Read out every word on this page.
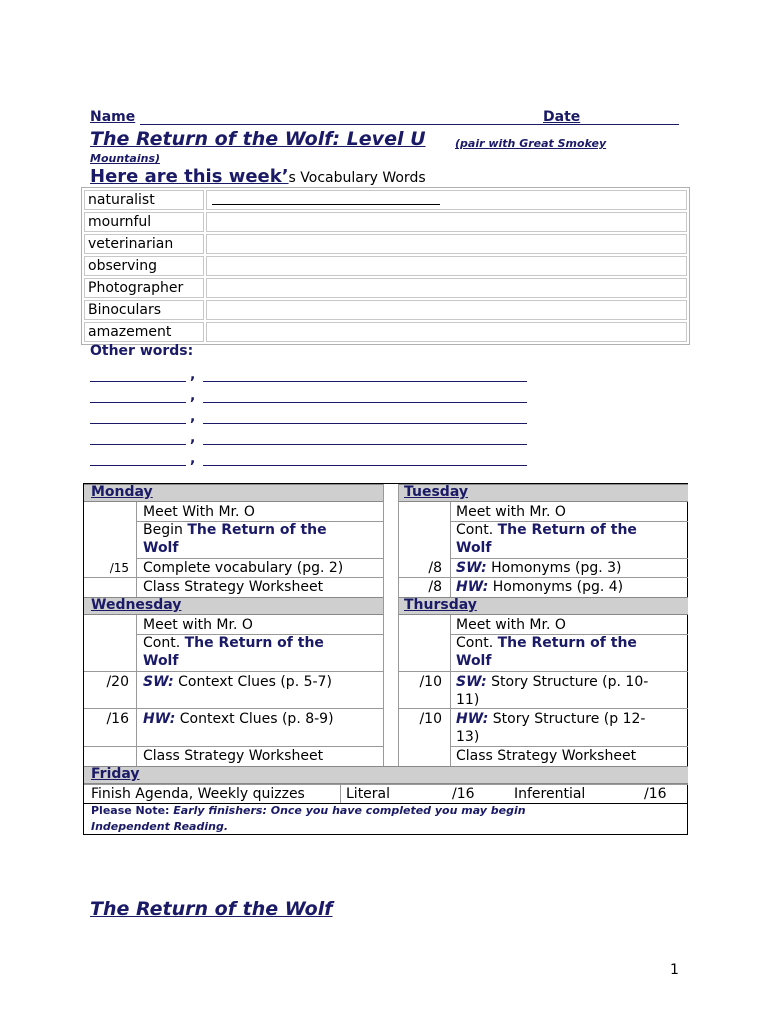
Name	Date
The Return of the Wolf: Level U	(pair with Great Smokey
Mountains)
Here are this week’s Vocabulary Words
naturalist	
mournful	
veterinarian	
observing	
Photographer	
Binoculars	
amazement	
Other words:
,
,
,
,
,
Monday
Meet With Mr. O
Begin The Return of the
Wolf
/15 Complete vocabulary (pg. 2)
Class Strategy Worksheet
Tuesday
Meet with Mr. O
Cont. The Return of the
Wolf
/8 SW: Homonyms (pg. 3)
/8 HW: Homonyms (pg. 4)
Wednesday
Meet with Mr. O
Cont. The Return of the
Wolf
/20 SW: Context Clues (p. 5-7)
/16 HW: Context Clues (p. 8-9)
Class Strategy Worksheet
Thursday
Meet with Mr. O
Cont. The Return of the
Wolf
/10 SW: Story Structure (p. 10-
11)
/10 HW: Story Structure (p 12-
13)
Class Strategy Worksheet
Friday
Finish Agenda, Weekly quizzes	Literal	/16	Inferential	/16
Please Note: Early finishers: Once you have completed you may begin
Independent Reading.
The Return of the Wolf
1
